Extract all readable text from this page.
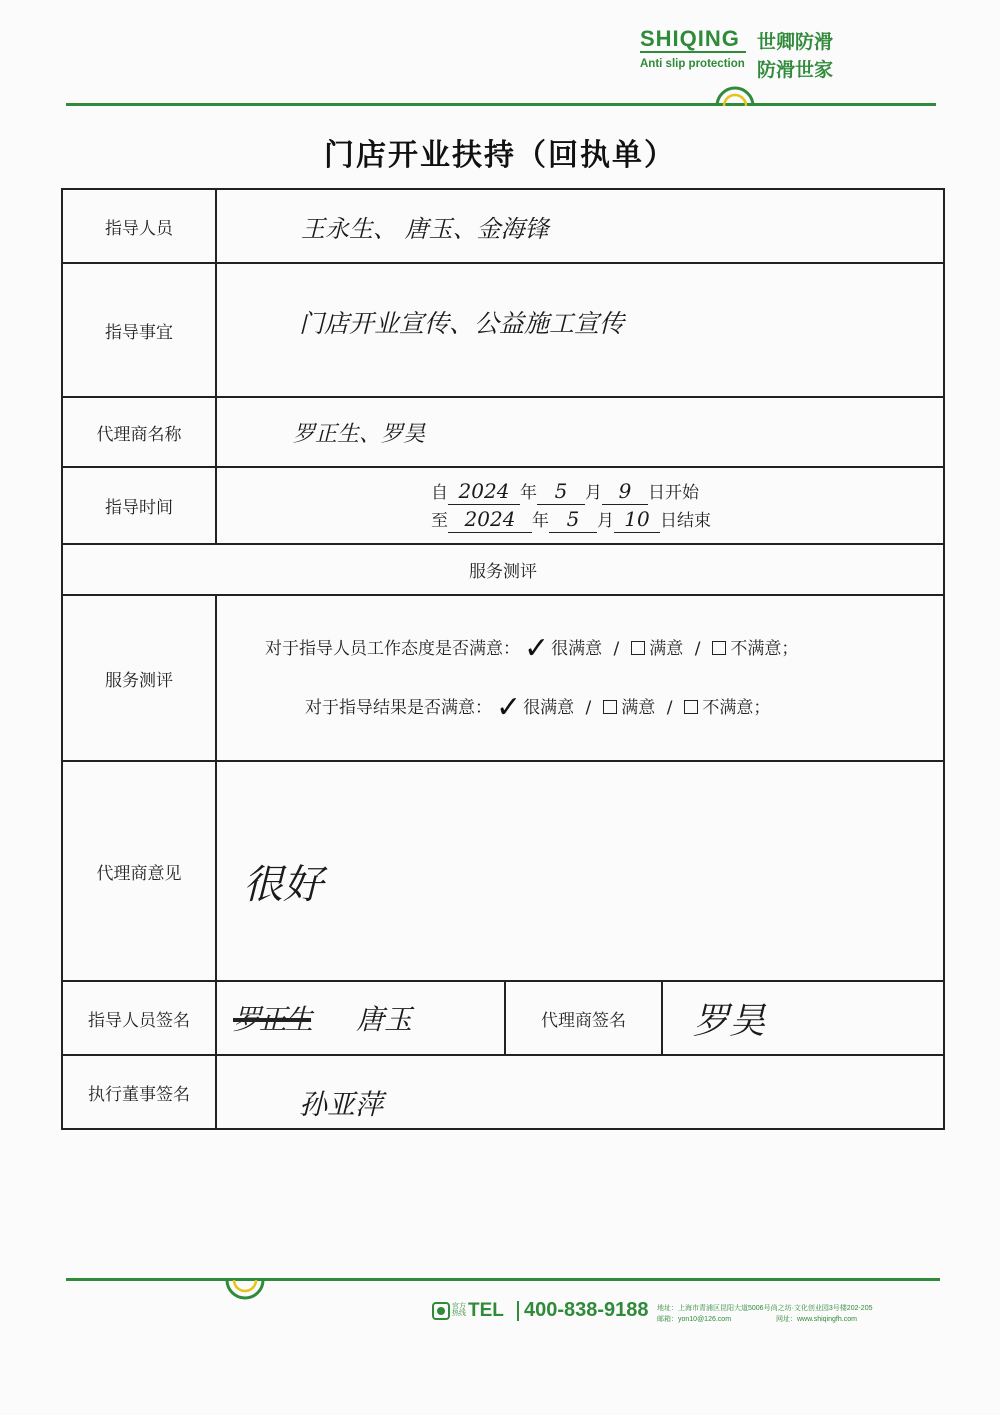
SHIQING
Anti slip protection
世卿防滑
防滑世家
门店开业扶持（回执单）
指导人员	王永生、 唐玉、金海锋		
指导事宜	门店开业宣传、公益施工宣传		
代理商名称	罗正生、罗昊		
指导时间	自 2024 年 5 月 9 日开始
至 2024 年 5 月 10 日结束		

服务测评			
服务测评	对于指导人员工作态度是否满意： ✓ 很满意 / 满意 / 不满意；
对于指导结果是否满意： ✓ 很满意 / 满意 / 不满意；		

代理商意见	很好		
指导人员签名	罗正生 唐玉	代理商签名	罗昊
执行董事签名	孙亚萍		
官方热线 TEL 400-838-9188 地址：上海市青浦区昆阳大道5006号尚之坊·文化创业园3号楼202-205
邮箱：yon10@126.com	网址：www.shiqingfh.com
